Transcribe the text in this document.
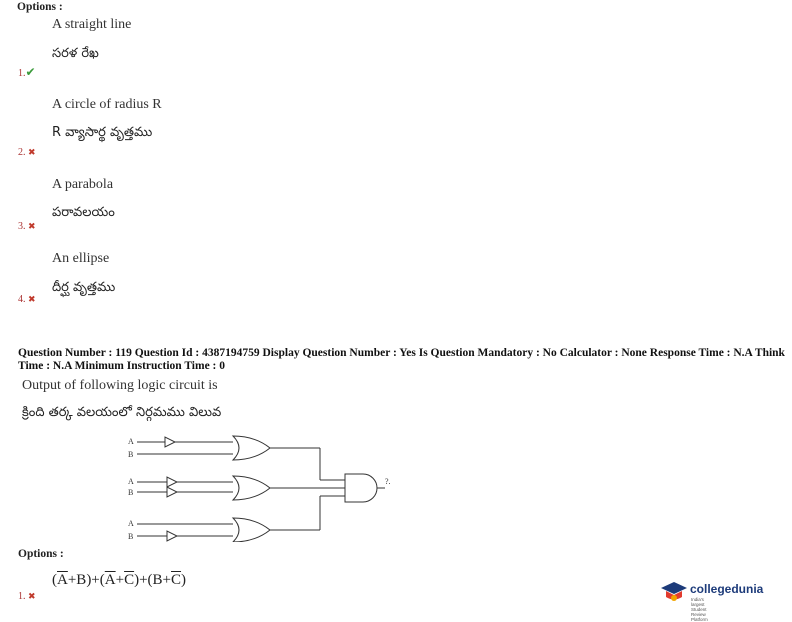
Options :
A straight line
సరళ రేఖ
1.✔
A circle of radius R
R వ్యాసార్థ వృత్తము
2. ✖
A parabola
పరావలయం
3. ✖
An ellipse
దీర్ఘ వృత్తము
4. ✖
Question Number : 119 Question Id : 4387194759 Display Question Number : Yes Is Question Mandatory : No Calculator : None Response Time : N.A Think Time : N.A Minimum Instruction Time : 0
Output of following logic circuit is
క్రింది తర్క వలయంలో నిర్గమము విలువ
A
B
A
B
A
B
?.
Options :
$(\overline{A}+B)+(\overline{A}+\overline{C})+(B+\overline{C})$
1. ✖
collegedunia
India's largest Student Review Platform
